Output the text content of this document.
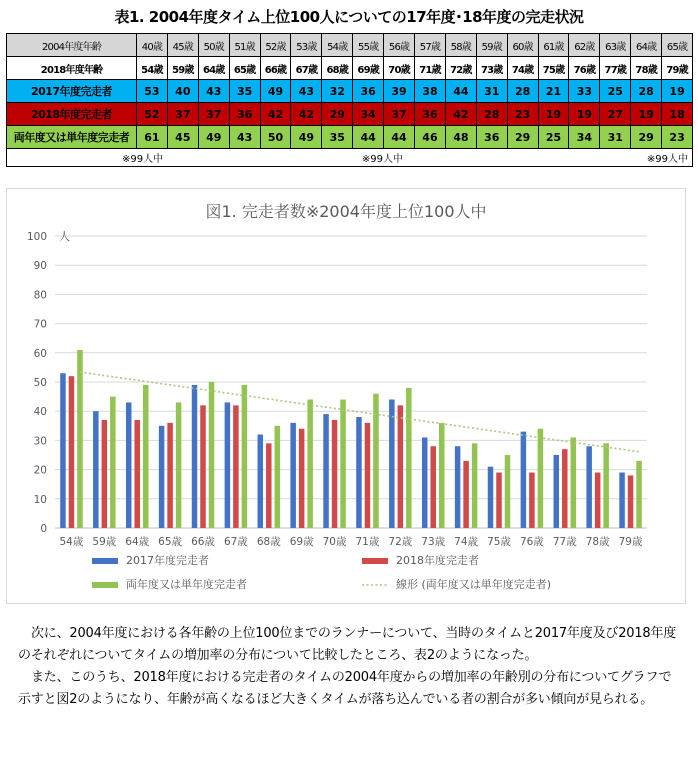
表1. 2004年度タイム上位100人についての17年度･18年度の完走状況
2004年度年齢	40歳	45歳	50歳	51歳	52歳	53歳	54歳	55歳	56歳	57歳	58歳	59歳	60歳	61歳	62歳	63歳	64歳	65歳
2018年度年齢	54歳	59歳	64歳	65歳	66歳	67歳	68歳	69歳	70歳	71歳	72歳	73歳	74歳	75歳	76歳	77歳	78歳	79歳
2017年度完走者	53	40	43	35	49	43	32	36	39	38	44	31	28	21	33	25	28	19
2018年度完走者	52	37	37	36	42	42	29	34	37	36	42	28	23	19	19	27	19	18
両年度又は単年度完走者	61	45	49	43	50	49	35	44	44	46	48	36	29	25	34	31	29	23
※99人中							※99人中							※99人中				
図1. 完走者数※2004年度上位100人中
0
10
20
30
40
50
60
70
80
90
100 人
54歳 59歳 64歳 65歳 66歳 67歳 68歳 69歳 70歳 71歳 72歳 73歳 74歳 75歳 76歳 77歳 78歳 79歳
2017年度完走者	2018年度完走者
両年度又は単年度完走者	線形 (両年度又は単年度完走者)

次に、2004年度における各年齢の上位100位までのランナーについて、当時のタイムと2017年度及び2018年度のそれぞれについてタイムの増加率の分布について比較したところ、表2のようになった。

また、このうち、2018年度における完走者のタイムの2004年度からの増加率の年齢別の分布についてグラフで示すと図2のようになり、年齢が高くなるほど大きくタイムが落ち込んでいる者の割合が多い傾向が見られる。
